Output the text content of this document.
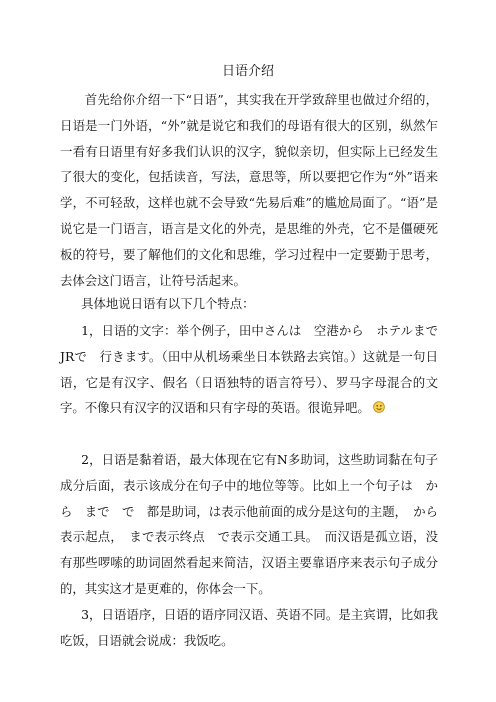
日语介绍

首先给你介绍一下“日语”，其实我在开学致辞里也做过介绍的，日语是一门外语，“外”就是说它和我们的母语有很大的区别，纵然乍一看有日语里有好多我们认识的汉字，貌似亲切，但实际上已经发生了很大的变化，包括读音，写法，意思等，所以要把它作为“外”语来学，不可轻敌，这样也就不会导致“先易后难”的尴尬局面了。“语”是说它是一门语言，语言是文化的外壳，是思维的外壳，它不是僵硬死板的符号，要了解他们的文化和思维，学习过程中一定要勤于思考，去体会这门语言，让符号活起来。

具体地说日语有以下几个特点：

1，日语的文字：举个例子，田中さんは　空港から　ホテルまで　JRで　行きます。（田中从机场乘坐日本铁路去宾馆。）这就是一句日语，它是有汉字、假名（日语独特的语言符号）、罗马字母混合的文字。不像只有汉字的汉语和只有字母的英语。很诡异吧。

2，日语是黏着语，最大体现在它有N多助词，这些助词黏在句子成分后面，表示该成分在句子中的地位等等。比如上一个句子は　から　まで　で　都是助词，は表示他前面的成分是这句的主题，　から表示起点，　まで表示终点　で表示交通工具。　而汉语是孤立语，没有那些啰嗦的助词固然看起来简洁，汉语主要靠语序来表示句子成分的，其实这才是更难的，你体会一下。

3，日语语序，日语的语序同汉语、英语不同。是主宾谓，比如我吃饭，日语就会说成：我饭吃。
